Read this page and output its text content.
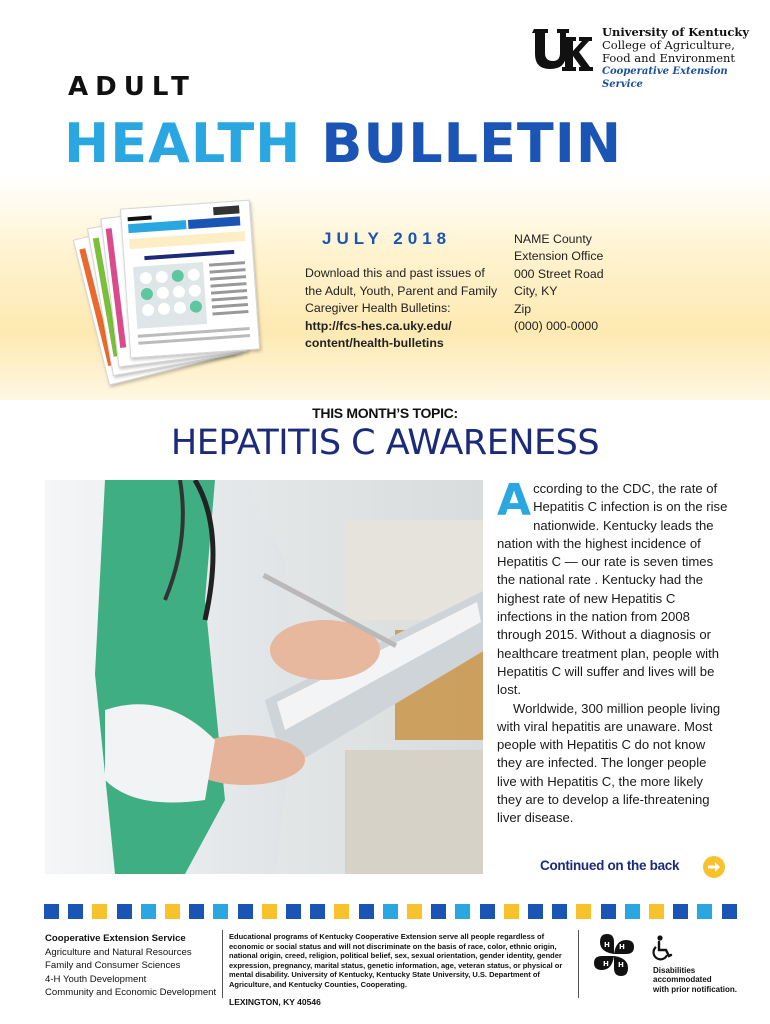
University of Kentucky
College of Agriculture,
Food and Environment
Cooperative Extension Service
ADULT
HEALTH BULLETIN
JULY 2018
Download this and past issues of the Adult, Youth, Parent and Family Caregiver Health Bulletins:
http://fcs-hes.ca.uky.edu/
content/health-bulletins
NAME County
Extension Office
000 Street Road
City, KY
Zip
(000) 000-0000
THIS MONTH’S TOPIC:
HEPATITIS C AWARENESS

According to the CDC, the rate of Hepatitis C infection is on the rise nationwide. Kentucky leads the nation with the highest incidence of Hepatitis C — our rate is seven times the national rate . Kentucky had the highest rate of new Hepatitis C infections in the nation from 2008 through 2015. Without a diagnosis or healthcare treatment plan, people with Hepatitis C will suffer and lives will be lost.

Worldwide, 300 million people living with viral hepatitis are unaware. Most people with Hepatitis C do not know they are infected. The longer people live with Hepatitis C, the more likely they are to develop a life-threatening liver disease.

Continued on the back
Cooperative Extension Service
Agriculture and Natural Resources
Family and Consumer Sciences
4-H Youth Development
Community and Economic Development
Educational programs of Kentucky Cooperative Extension serve all people regardless of economic or social status and will not discriminate on the basis of race, color, ethnic origin, national origin, creed, religion, political belief, sex, sexual orientation, gender identity, gender expression, pregnancy, marital status, genetic information, age, veteran status, or physical or mental disability. University of Kentucky, Kentucky State University, U.S. Department of Agriculture, and Kentucky Counties, Cooperating.
LEXINGTON, KY 40546
H H
H
H
Disabilities
accommodated
with prior notification.
